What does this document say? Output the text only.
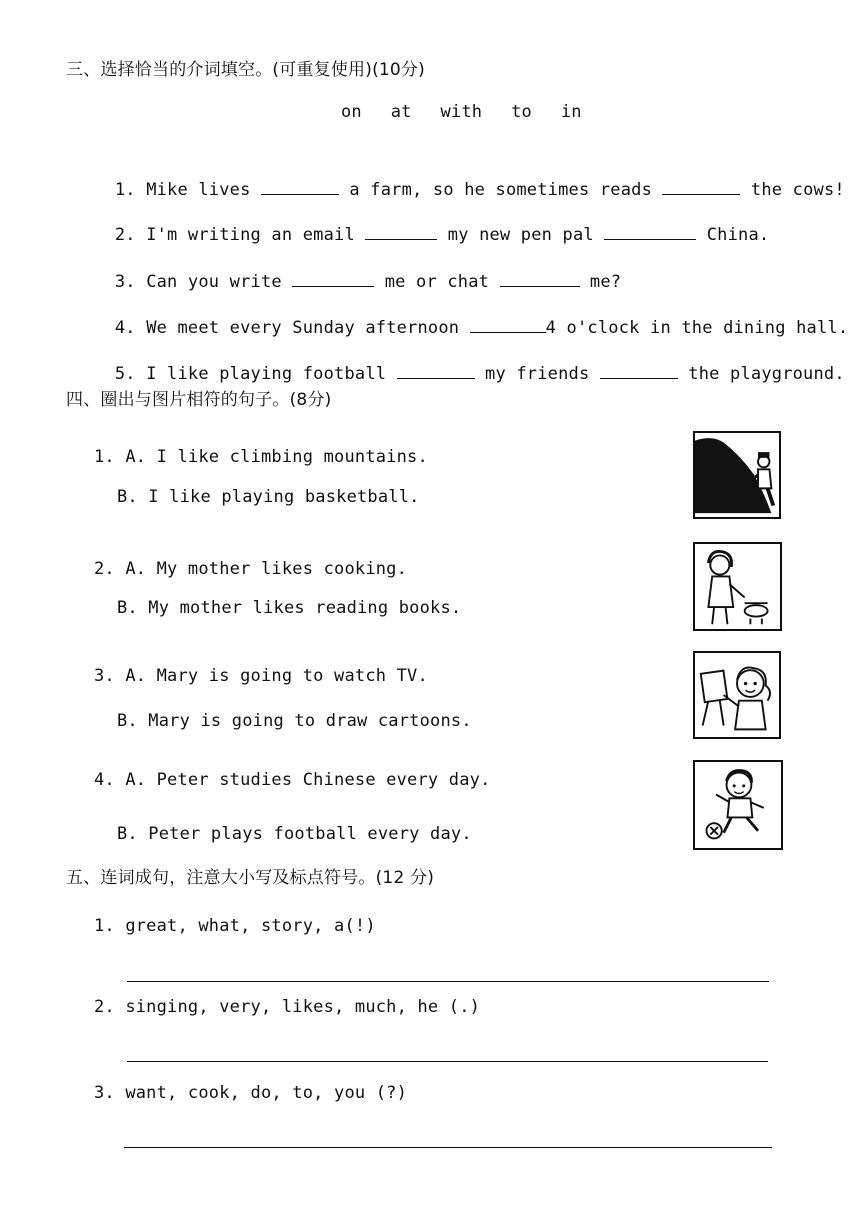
三、选择恰当的介词填空。(可重复使用)(10分)
on  at  with  to  in

1. Mike lives	a farm, so he sometimes reads	the cows!

2. I'm writing an email	my new pen pal	China.

3. Can you write	me or chat	me?

4. We meet every Sunday afternoon	4 o'clock in the dining hall.

5. I like playing football	my friends	the playground.

四、圈出与图片相符的句子。(8分)
1. A. I like climbing mountains.
B. I like playing basketball.
2. A. My mother likes cooking.
B. My mother likes reading books.
3. A. Mary is going to watch TV.
B. Mary is going to draw cartoons.
4. A. Peter studies Chinese every day.
B. Peter plays football every day.
五、连词成句，注意大小写及标点符号。(12 分)
1. great, what, story, a(!)
2. singing, very, likes, much, he (.)
3. want, cook, do, to, you (?)
